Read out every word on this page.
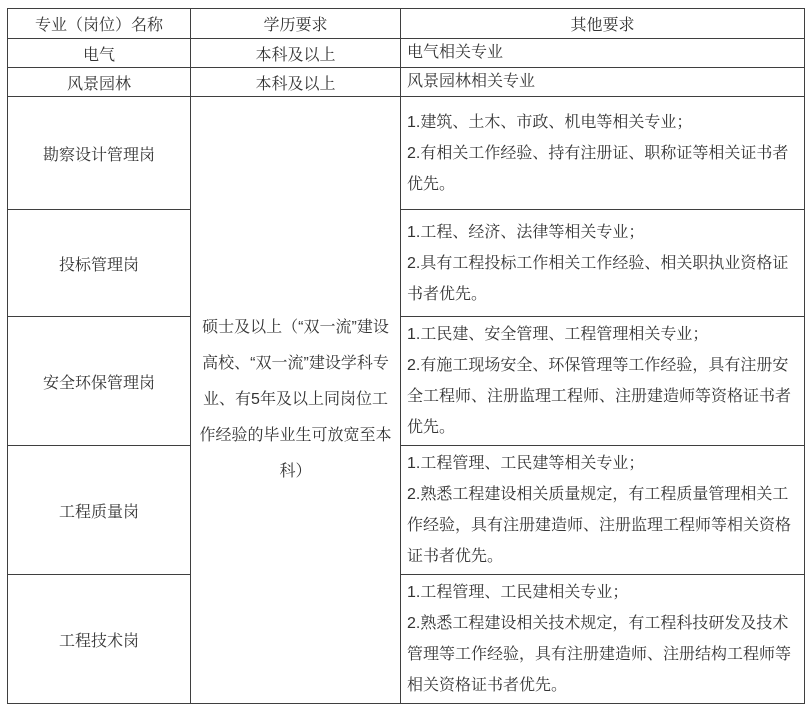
专业（岗位）名称	学历要求	其他要求
电气	本科及以上	电气相关专业

风景园林	本科及以上	风景园林相关专业

勘察设计管理岗	硕士及以上（“双一流”建设高校、“双一流”建设学科专业、有5年及以上同岗位工作经验的毕业生可放宽至本科）	1.建筑、土木、市政、机电等相关专业；

2.有相关工作经验、持有注册证、职称证等相关证书者优先。

投标管理岗		1.工程、经济、法律等相关专业；

2.具有工程投标工作相关工作经验、相关职执业资格证书者优先。

安全环保管理岗		1.工民建、安全管理、工程管理相关专业；

2.有施工现场安全、环保管理等工作经验，具有注册安全工程师、注册监理工程师、注册建造师等资格证书者优先。

工程质量岗		1.工程管理、工民建等相关专业；

2.熟悉工程建设相关质量规定，有工程质量管理相关工作经验，具有注册建造师、注册监理工程师等相关资格证书者优先。

工程技术岗		1.工程管理、工民建相关专业；

2.熟悉工程建设相关技术规定，有工程科技研发及技术管理等工作经验，具有注册建造师、注册结构工程师等相关资格证书者优先。
